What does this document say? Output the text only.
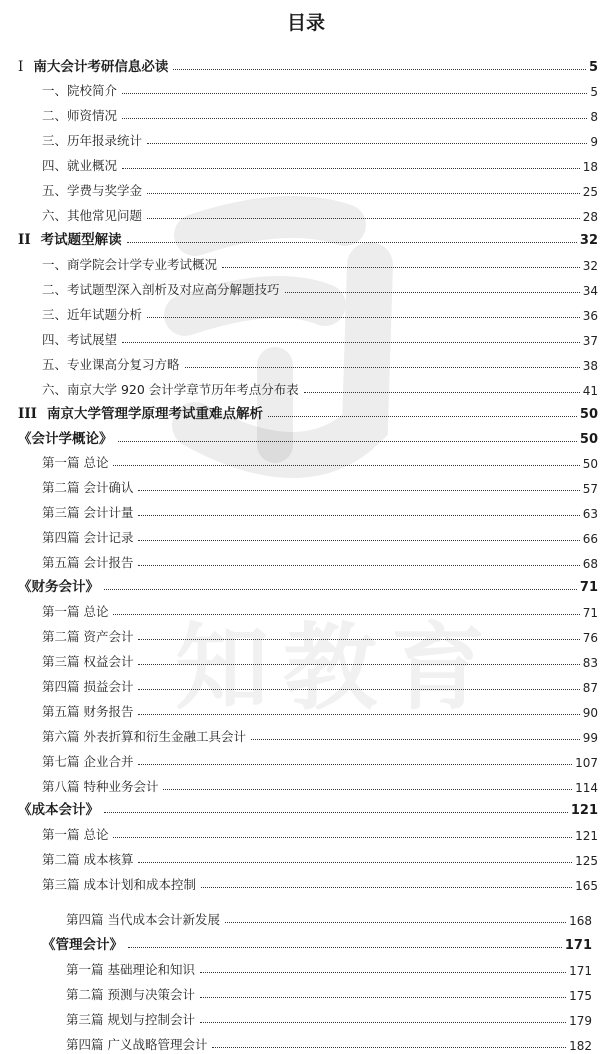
目录
知教育
Ⅰ 南大会计考研信息必读	5
一、院校简介	5
二、师资情况	8
三、历年报录统计	9
四、就业概况	18
五、学费与奖学金	25
六、其他常见问题	28
II 考试题型解读	32
一、商学院会计学专业考试概况	32
二、考试题型深入剖析及对应高分解题技巧	34
三、近年试题分析	36
四、考试展望	37
五、专业课高分复习方略	38
六、南京大学 920 会计学章节历年考点分布表	41
III 南京大学管理学原理考试重难点解析	50
《会计学概论》	50
第一篇 总论	50
第二篇 会计确认	57
第三篇 会计计量	63
第四篇 会计记录	66
第五篇 会计报告	68
《财务会计》	71
第一篇 总论	71
第二篇 资产会计	76
第三篇 权益会计	83
第四篇 损益会计	87
第五篇 财务报告	90
第六篇 外表折算和衍生金融工具会计	99
第七篇 企业合并	107
第八篇 特种业务会计	114
《成本会计》	121
第一篇 总论	121
第二篇 成本核算	125
第三篇 成本计划和成本控制	165
第四篇 当代成本会计新发展	168
《管理会计》	171
第一篇 基础理论和知识	171
第二篇 预测与决策会计	175
第三篇 规划与控制会计	179
第四篇 广义战略管理会计	182
